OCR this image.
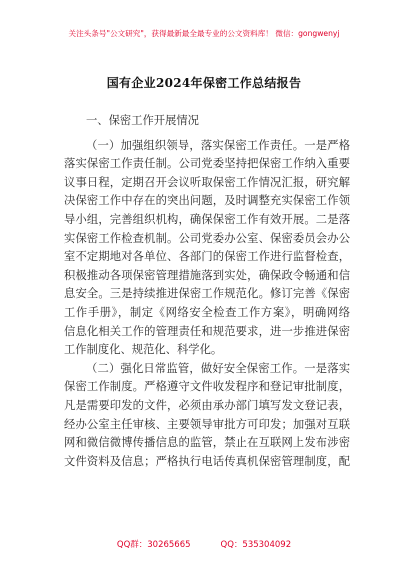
关注头条号"公文研究"，获得最新最全最专业的公文资料库！ 微信：gongwenyj
国有企业2024年保密工作总结报告
一、保密工作开展情况
（一）加强组织领导，落实保密工作责任。一是严格
落实保密工作责任制。公司党委坚持把保密工作纳入重要
议事日程，定期召开会议听取保密工作情况汇报，研究解
决保密工作中存在的突出问题，及时调整充实保密工作领
导小组，完善组织机构，确保保密工作有效开展。二是落
实保密工作检查机制。公司党委办公室、保密委员会办公
室不定期地对各单位、各部门的保密工作进行监督检查，
积极推动各项保密管理措施落到实处，确保政令畅通和信
息安全。三是持续推进保密工作规范化。修订完善《保密
工作手册》，制定《网络安全检查工作方案》，明确网络
信息化相关工作的管理责任和规范要求，进一步推进保密
工作制度化、规范化、科学化。
（二）强化日常监管，做好安全保密工作。一是落实
保密工作制度。严格遵守文件收发程序和登记审批制度，
凡是需要印发的文件，必须由承办部门填写发文登记表，
经办公室主任审核、主要领导审批方可印发；加强对互联
网和微信微博传播信息的监管，禁止在互联网上发布涉密
文件资料及信息；严格执行电话传真机保密管理制度，配
QQ群：30265665	QQ：535304092
